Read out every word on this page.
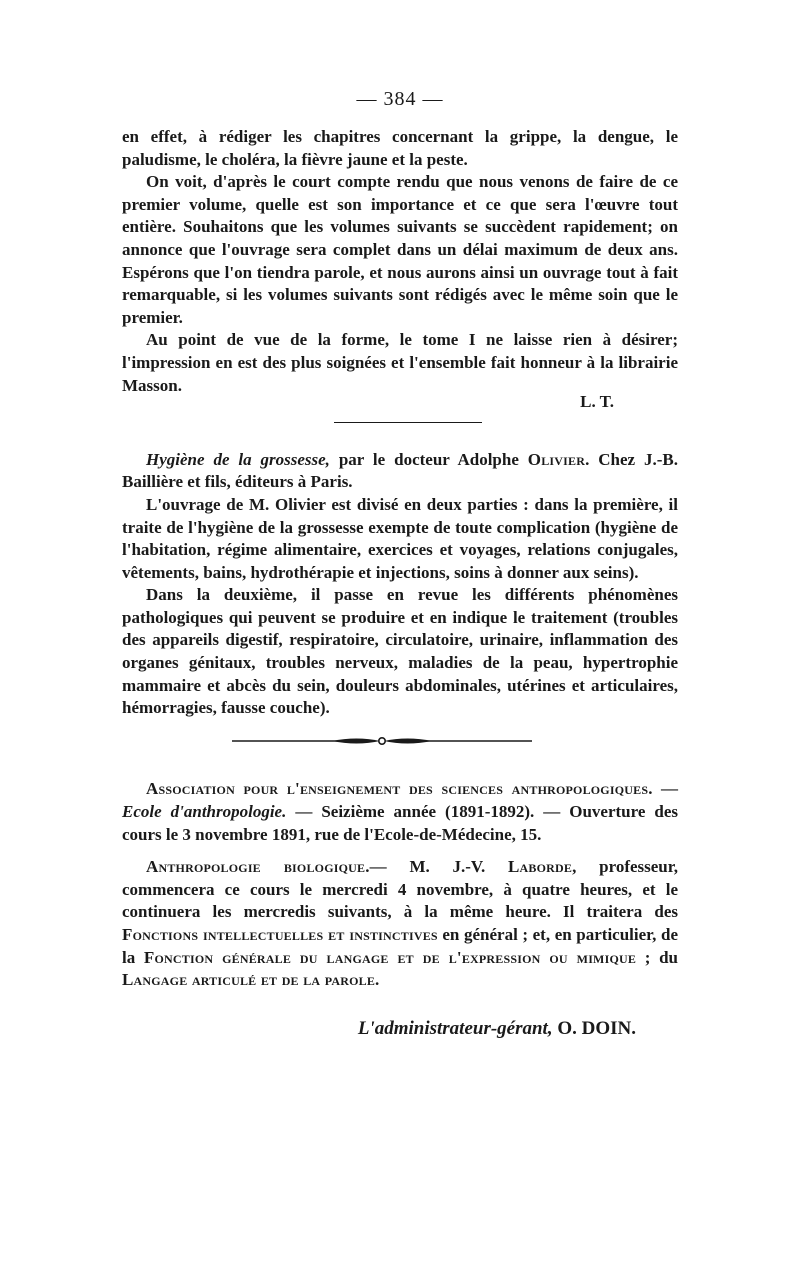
— 384 —

en effet, à rédiger les chapitres concernant la grippe, la dengue, le paludisme, le choléra, la fièvre jaune et la peste.

On voit, d'après le court compte rendu que nous venons de faire de ce premier volume, quelle est son importance et ce que sera l'œuvre tout entière. Souhaitons que les volumes suivants se succèdent rapidement; on annonce que l'ouvrage sera complet dans un délai maximum de deux ans. Espérons que l'on tiendra parole, et nous aurons ainsi un ouvrage tout à fait remarquable, si les volumes suivants sont rédigés avec le même soin que le premier.

Au point de vue de la forme, le tome I ne laisse rien à désirer; l'impression en est des plus soignées et l'ensemble fait honneur à la librairie Masson.

L. T.

Hygiène de la grossesse, par le docteur Adolphe Olivier. Chez J.-B. Baillière et fils, éditeurs à Paris.

L'ouvrage de M. Olivier est divisé en deux parties : dans la première, il traite de l'hygiène de la grossesse exempte de toute complication (hygiène de l'habitation, régime alimentaire, exercices et voyages, relations conjugales, vêtements, bains, hydrothérapie et injections, soins à donner aux seins).

Dans la deuxième, il passe en revue les différents phénomènes pathologiques qui peuvent se produire et en indique le traitement (troubles des appareils digestif, respiratoire, circulatoire, urinaire, inflammation des organes génitaux, troubles nerveux, maladies de la peau, hypertrophie mammaire et abcès du sein, douleurs abdominales, utérines et articulaires, hémorragies, fausse couche).

Association pour l'enseignement des sciences anthropologiques. — Ecole d'anthropologie. — Seizième année (1891-1892). — Ouverture des cours le 3 novembre 1891, rue de l'Ecole-de-Médecine, 15.

Anthropologie biologique.— M. J.-V. Laborde, professeur, commencera ce cours le mercredi 4 novembre, à quatre heures, et le continuera les mercredis suivants, à la même heure. Il traitera des Fonctions intellectuelles et instinctives en général ; et, en particulier, de la Fonction générale du langage et de l'expression ou mimique ; du Langage articulé et de la parole.

L'administrateur-gérant, O. DOIN.
